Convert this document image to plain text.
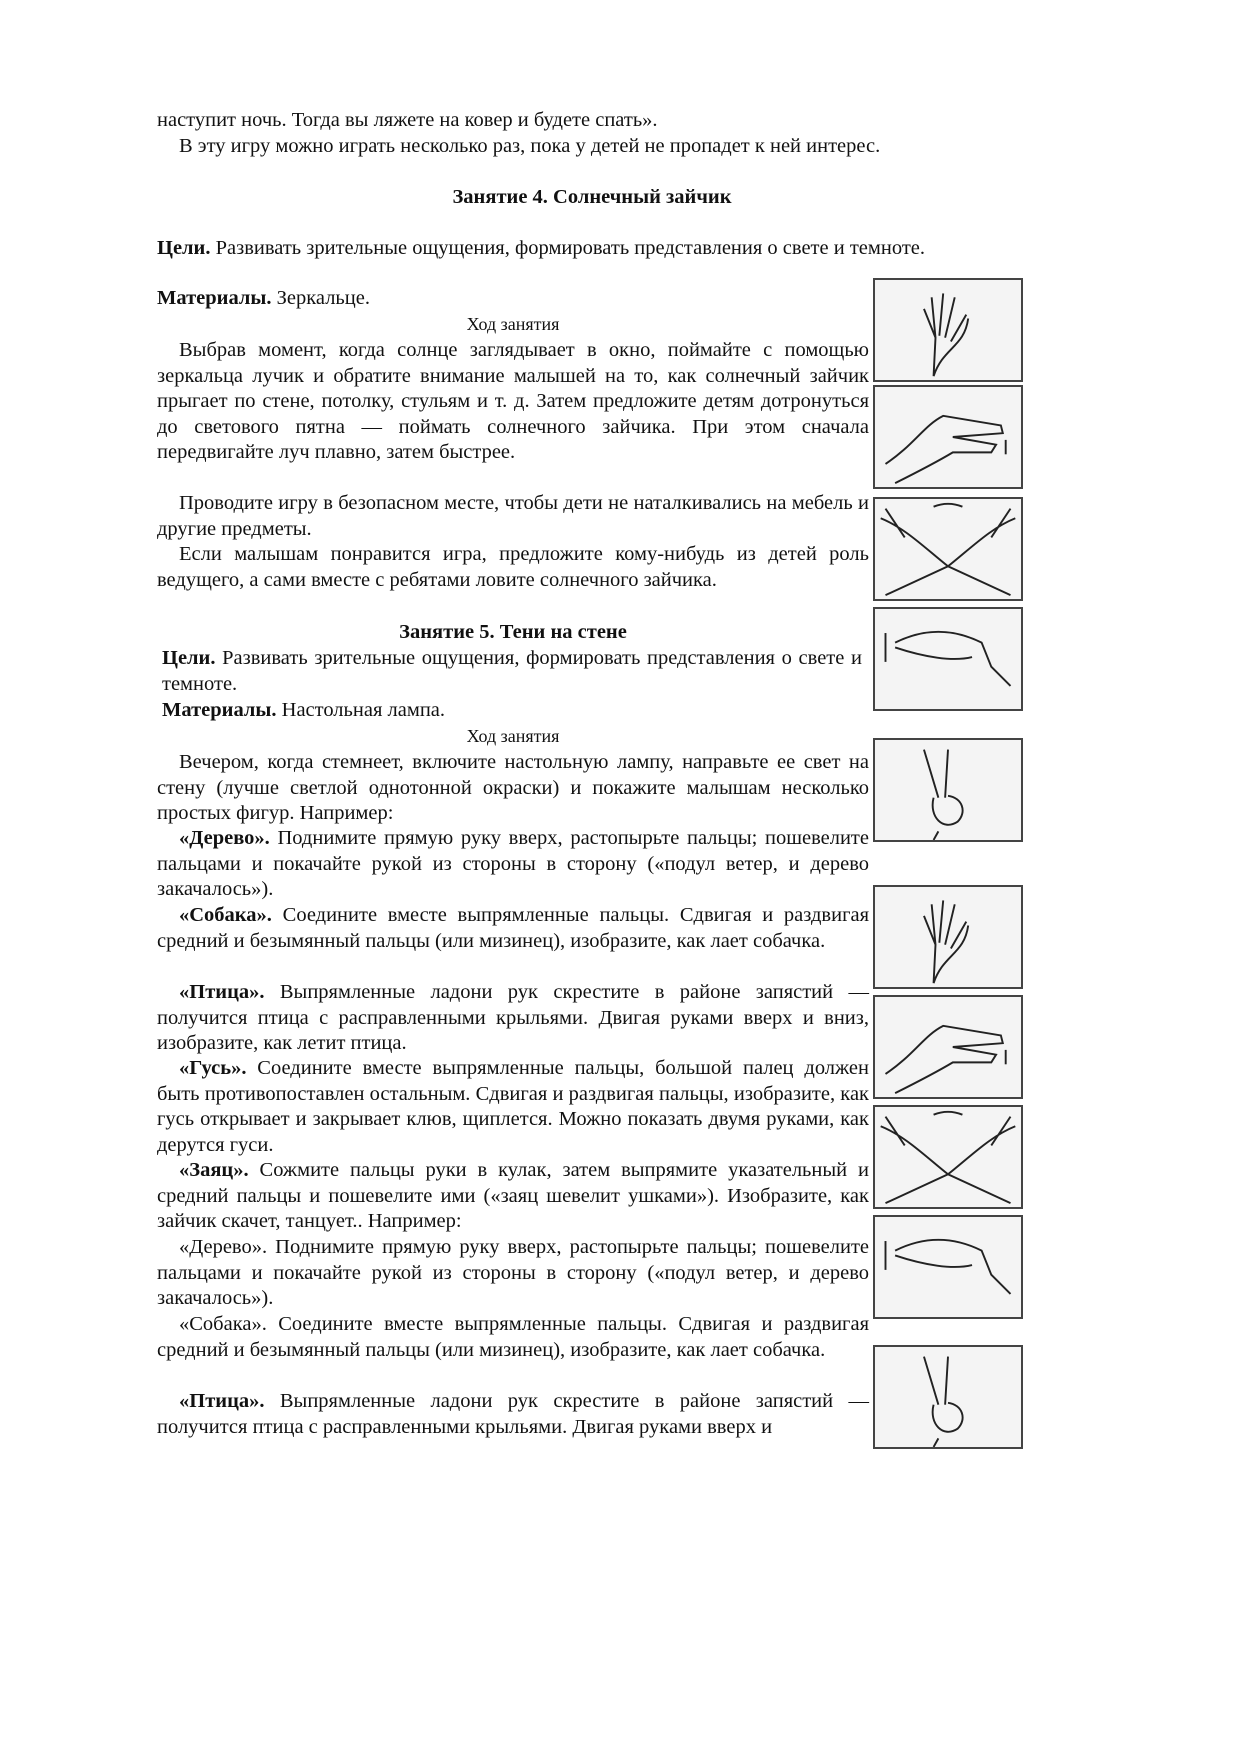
наступит ночь. Тогда вы ляжете на ковер и будете спать».

В эту игру можно играть несколько раз, пока у детей не пропадет к ней интерес.

Занятие 4. Солнечный зайчик

Цели. Развивать зрительные ощущения, формировать представления о свете и темноте.

Материалы. Зеркальце.

Ход занятия

Выбрав момент, когда солнце заглядывает в окно, поймайте с помощью зеркальца лучик и обратите внимание малышей на то, как солнечный зайчик прыгает по стене, потолку, стульям и т. д. Затем предложите детям дотронуться до светового пятна — поймать солнечного зайчика. При этом сначала передвигайте луч плавно, затем быстрее.

Проводите игру в безопасном месте, чтобы дети не наталкивались на мебель и другие предметы.

Если малышам понравится игра, предложите кому-нибудь из детей роль ведущего, а сами вместе с ребятами ловите солнечного зайчика.

Занятие 5. Тени на стене

Цели. Развивать зрительные ощущения, формировать представления о свете и темноте.

Материалы. Настольная лампа.

Ход занятия

Вечером, когда стемнеет, включите настольную лампу, направьте ее свет на стену (лучше светлой однотонной окраски) и покажите малышам несколько простых фигур. Например:

«Дерево». Поднимите прямую руку вверх, растопырьте пальцы; пошевелите пальцами и покачайте рукой из стороны в сторону («подул ветер, и дерево закачалось»).

«Собака». Соедините вместе выпрямленные пальцы. Сдвигая и раздвигая средний и безымянный пальцы (или мизинец), изобразите, как лает собачка.

«Птица». Выпрямленные ладони рук скрестите в районе запястий — получится птица с расправленными крыльями. Двигая руками вверх и вниз, изобразите, как летит птица.

«Гусь». Соедините вместе выпрямленные пальцы, большой палец должен быть противопоставлен остальным. Сдвигая и раздвигая пальцы, изобразите, как гусь открывает и закрывает клюв, щиплется. Можно показать двумя руками, как дерутся гуси.

«Заяц». Сожмите пальцы руки в кулак, затем выпрямите указательный и средний пальцы и пошевелите ими («заяц шевелит ушками»). Изобразите, как зайчик скачет, танцует.. Например:

«Дерево». Поднимите прямую руку вверх, растопырьте пальцы; пошевелите пальцами и покачайте рукой из стороны в сторону («подул ветер, и дерево закачалось»).

«Собака». Соедините вместе выпрямленные пальцы. Сдвигая и раздвигая средний и безымянный пальцы (или мизинец), изобразите, как лает собачка.

«Птица». Выпрямленные ладони рук скрестите в районе запястий — получится птица с расправленными крыльями. Двигая руками вверх и
